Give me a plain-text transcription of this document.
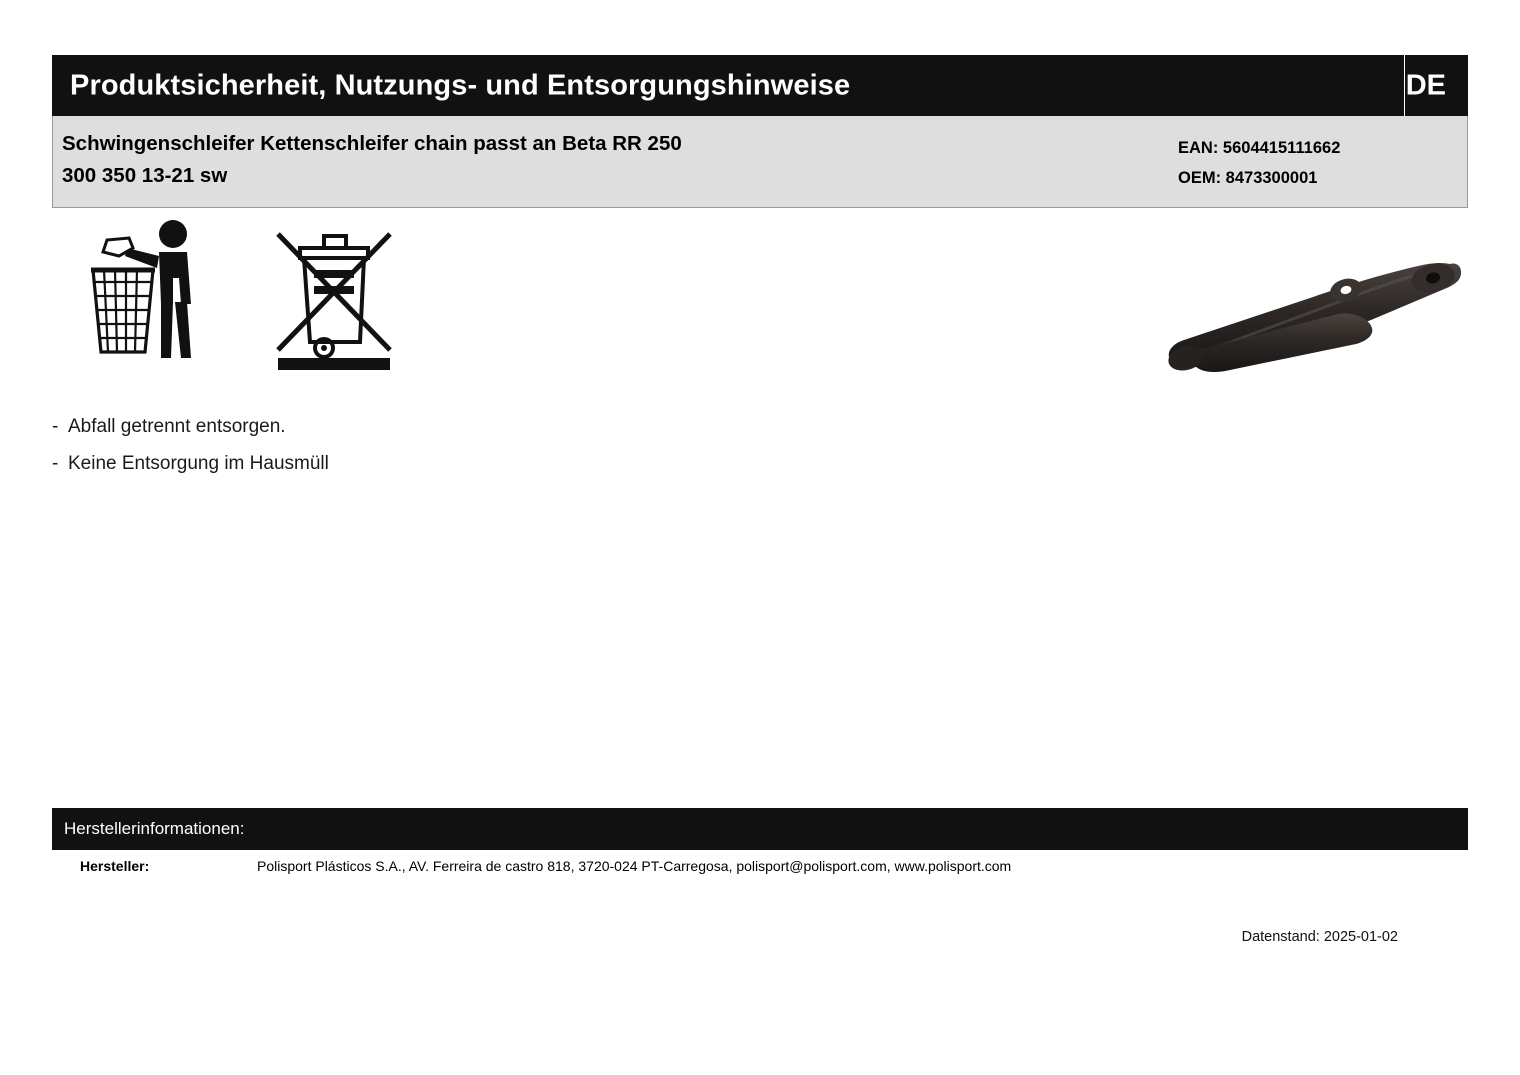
Produktsicherheit, Nutzungs- und Entsorgungshinweise	DE
Schwingenschleifer Kettenschleifer chain passt an Beta RR 250
300 350 13-21 sw
EAN: 5604415111662
OEM: 8473300001
- Abfall getrennt entsorgen.
- Keine Entsorgung im Hausmüll
Herstellerinformationen:
Hersteller:	Polisport Plásticos S.A., AV. Ferreira de castro 818, 3720-024 PT-Carregosa, polisport@polisport.com, www.polisport.com
Datenstand: 2025-01-02
